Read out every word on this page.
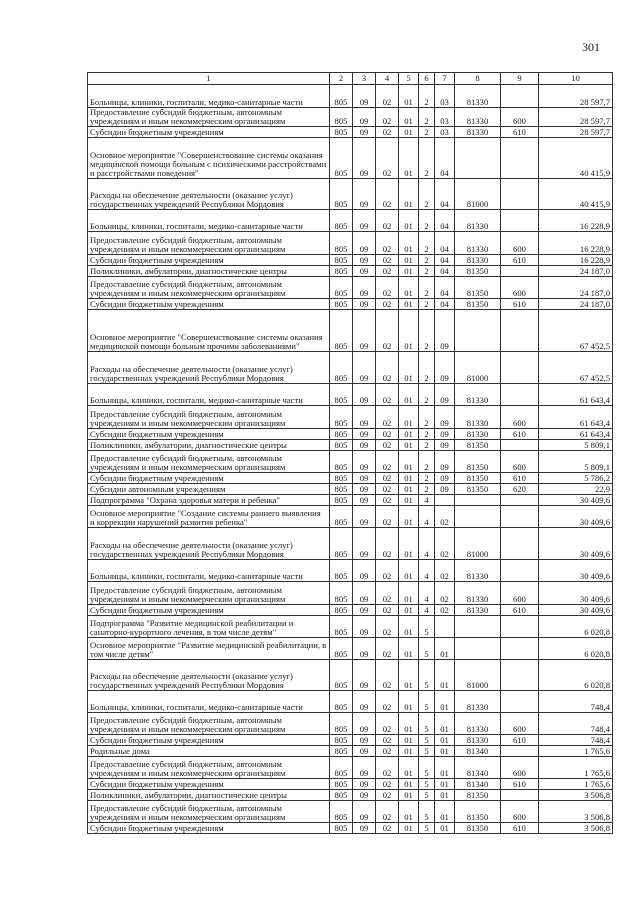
301
1	2	3	4	5	6	7	8	9	10
Больницы, клиники, госпитали, медико-санитарные части	805	09	02	01	2	03	81330		28 597,7
Предоставление субсидий бюджетным, автономным учреждениям и иным некоммерческим организациям	805	09	02	01	2	03	81330	600	28 597,7
Субсидии бюджетным учреждениям	805	09	02	01	2	03	81330	610	28 597,7
Основное мероприятие "Совершенствование системы оказания медицинской помощи больным с психическими расстройствами и расстройствами поведения"	805	09	02	01	2	04			40 415,9
Расходы на обеспечение деятельности (оказание услуг) государственных учреждений Республики Мордовия	805	09	02	01	2	04	81000		40 415,9
Больницы, клиники, госпитали, медико-санитарные части	805	09	02	01	2	04	81330		16 228,9
Предоставление субсидий бюджетным, автономным учреждениям и иным некоммерческим организациям	805	09	02	01	2	04	81330	600	16 228,9
Субсидии бюджетным учреждениям	805	09	02	01	2	04	81330	610	16 228,9
Поликлиники, амбулатории, диагностические центры	805	09	02	01	2	04	81350		24 187,0
Предоставление субсидий бюджетным, автономным учреждениям и иным некоммерческим организациям	805	09	02	01	2	04	81350	600	24 187,0
Субсидии бюджетным учреждениям	805	09	02	01	2	04	81350	610	24 187,0
Основное мероприятие "Совершенствование системы оказания медицинской помощи больным прочими заболеваниями"	805	09	02	01	2	09			67 452,5
Расходы на обеспечение деятельности (оказание услуг) государственных учреждений Республики Мордовия	805	09	02	01	2	09	81000		67 452,5
Больницы, клиники, госпитали, медико-санитарные части	805	09	02	01	2	09	81330		61 643,4
Предоставление субсидий бюджетным, автономным учреждениям и иным некоммерческим организациям	805	09	02	01	2	09	81330	600	61 643,4
Субсидии бюджетным учреждениям	805	09	02	01	2	09	81330	610	61 643,4
Поликлиники, амбулатории, диагностические центры	805	09	02	01	2	09	81350		5 809,1
Предоставление субсидий бюджетным, автономным учреждениям и иным некоммерческим организациям	805	09	02	01	2	09	81350	600	5 809,1
Субсидии бюджетным учреждениям	805	09	02	01	2	09	81350	610	5 786,2
Субсидии автономным учреждениям	805	09	02	01	2	09	81350	620	22,9
Подпрограмма "Охрана здоровья матери и ребенка"	805	09	02	01	4				30 409,6
Основное мероприятие "Создание системы раннего выявления и коррекции нарушений развития ребенка"	805	09	02	01	4	02			30 409,6
Расходы на обеспечение деятельности (оказание услуг) государственных учреждений Республики Мордовия	805	09	02	01	4	02	81000		30 409,6
Больницы, клиники, госпитали, медико-санитарные части	805	09	02	01	4	02	81330		30 409,6
Предоставление субсидий бюджетным, автономным учреждениям и иным некоммерческим организациям	805	09	02	01	4	02	81330	600	30 409,6
Субсидии бюджетным учреждениям	805	09	02	01	4	02	81330	610	30 409,6
Подпрограмма "Развитие медицинской реабилитации и санаторно-курортного лечения, в том числе детям"	805	09	02	01	5				6 020,8
Основное мероприятие "Развитие медицинской реабилитации, в том числе детям"	805	09	02	01	5	01			6 020,8
Расходы на обеспечение деятельности (оказание услуг) государственных учреждений Республики Мордовия	805	09	02	01	5	01	81000		6 020,8
Больницы, клиники, госпитали, медико-санитарные части	805	09	02	01	5	01	81330		748,4
Предоставление субсидий бюджетным, автономным учреждениям и иным некоммерческим организациям	805	09	02	01	5	01	81330	600	748,4
Субсидии бюджетным учреждениям	805	09	02	01	5	01	81330	610	748,4
Родильные дома	805	09	02	01	5	01	81340		1 765,6
Предоставление субсидий бюджетным, автономным учреждениям и иным некоммерческим организациям	805	09	02	01	5	01	81340	600	1 765,6
Субсидии бюджетным учреждениям	805	09	02	01	5	01	81340	610	1 765,6
Поликлиники, амбулатории, диагностические центры	805	09	02	01	5	01	81350		3 506,8
Предоставление субсидий бюджетным, автономным учреждениям и иным некоммерческим организациям	805	09	02	01	5	01	81350	600	3 506,8
Субсидии бюджетным учреждениям	805	09	02	01	5	01	81350	610	3 506,8
